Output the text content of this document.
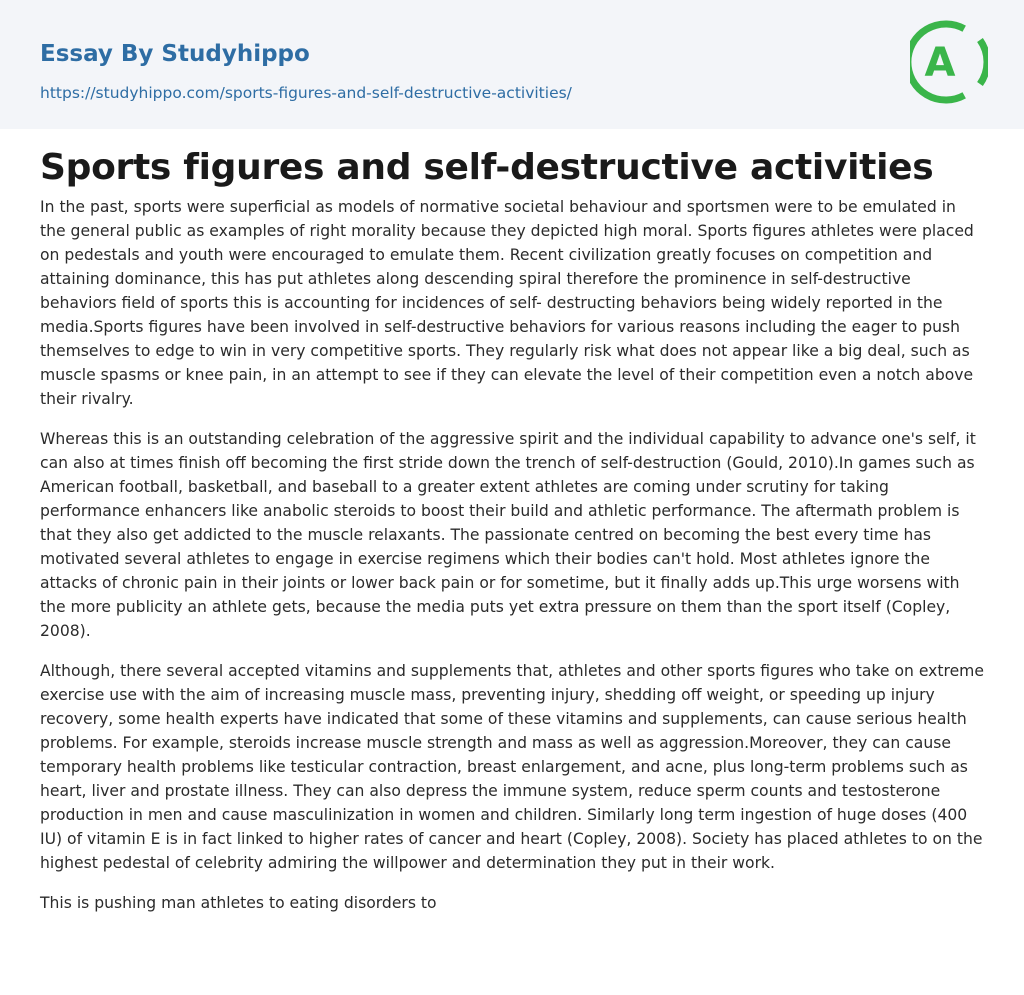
Essay By Studyhippo
https://studyhippo.com/sports-figures-and-self-destructive-activities/
A
Sports figures and self-destructive activities

In the past, sports were superficial as models of normative societal behaviour and sportsmen were to be emulated in the general public as examples of right morality because they depicted high moral. Sports figures athletes were placed on pedestals and youth were encouraged to emulate them. Recent civilization greatly focuses on competition and attaining dominance, this has put athletes along descending spiral therefore the prominence in self-destructive behaviors field of sports this is accounting for incidences of self- destructing behaviors being widely reported in the media.Sports figures have been involved in self-destructive behaviors for various reasons including the eager to push themselves to edge to win in very competitive sports. They regularly risk what does not appear like a big deal, such as muscle spasms or knee pain, in an attempt to see if they can elevate the level of their competition even a notch above their rivalry.

Whereas this is an outstanding celebration of the aggressive spirit and the individual capability to advance one's self, it can also at times finish off becoming the first stride down the trench of self-destruction (Gould, 2010).In games such as American football, basketball, and baseball to a greater extent athletes are coming under scrutiny for taking performance enhancers like anabolic steroids to boost their build and athletic performance. The aftermath problem is that they also get addicted to the muscle relaxants. The passionate centred on becoming the best every time has motivated several athletes to engage in exercise regimens which their bodies can't hold. Most athletes ignore the attacks of chronic pain in their joints or lower back pain or for sometime, but it finally adds up.This urge worsens with the more publicity an athlete gets, because the media puts yet extra pressure on them than the sport itself (Copley, 2008).

Although, there several accepted vitamins and supplements that, athletes and other sports figures who take on extreme exercise use with the aim of increasing muscle mass, preventing injury, shedding off weight, or speeding up injury recovery, some health experts have indicated that some of these vitamins and supplements, can cause serious health problems. For example, steroids increase muscle strength and mass as well as aggression.Moreover, they can cause temporary health problems like testicular contraction, breast enlargement, and acne, plus long-term problems such as heart, liver and prostate illness. They can also depress the immune system, reduce sperm counts and testosterone production in men and cause masculinization in women and children. Similarly long term ingestion of huge doses (400 IU) of vitamin E is in fact linked to higher rates of cancer and heart (Copley, 2008). Society has placed athletes to on the highest pedestal of celebrity admiring the willpower and determination they put in their work.

This is pushing man athletes to eating disorders to
